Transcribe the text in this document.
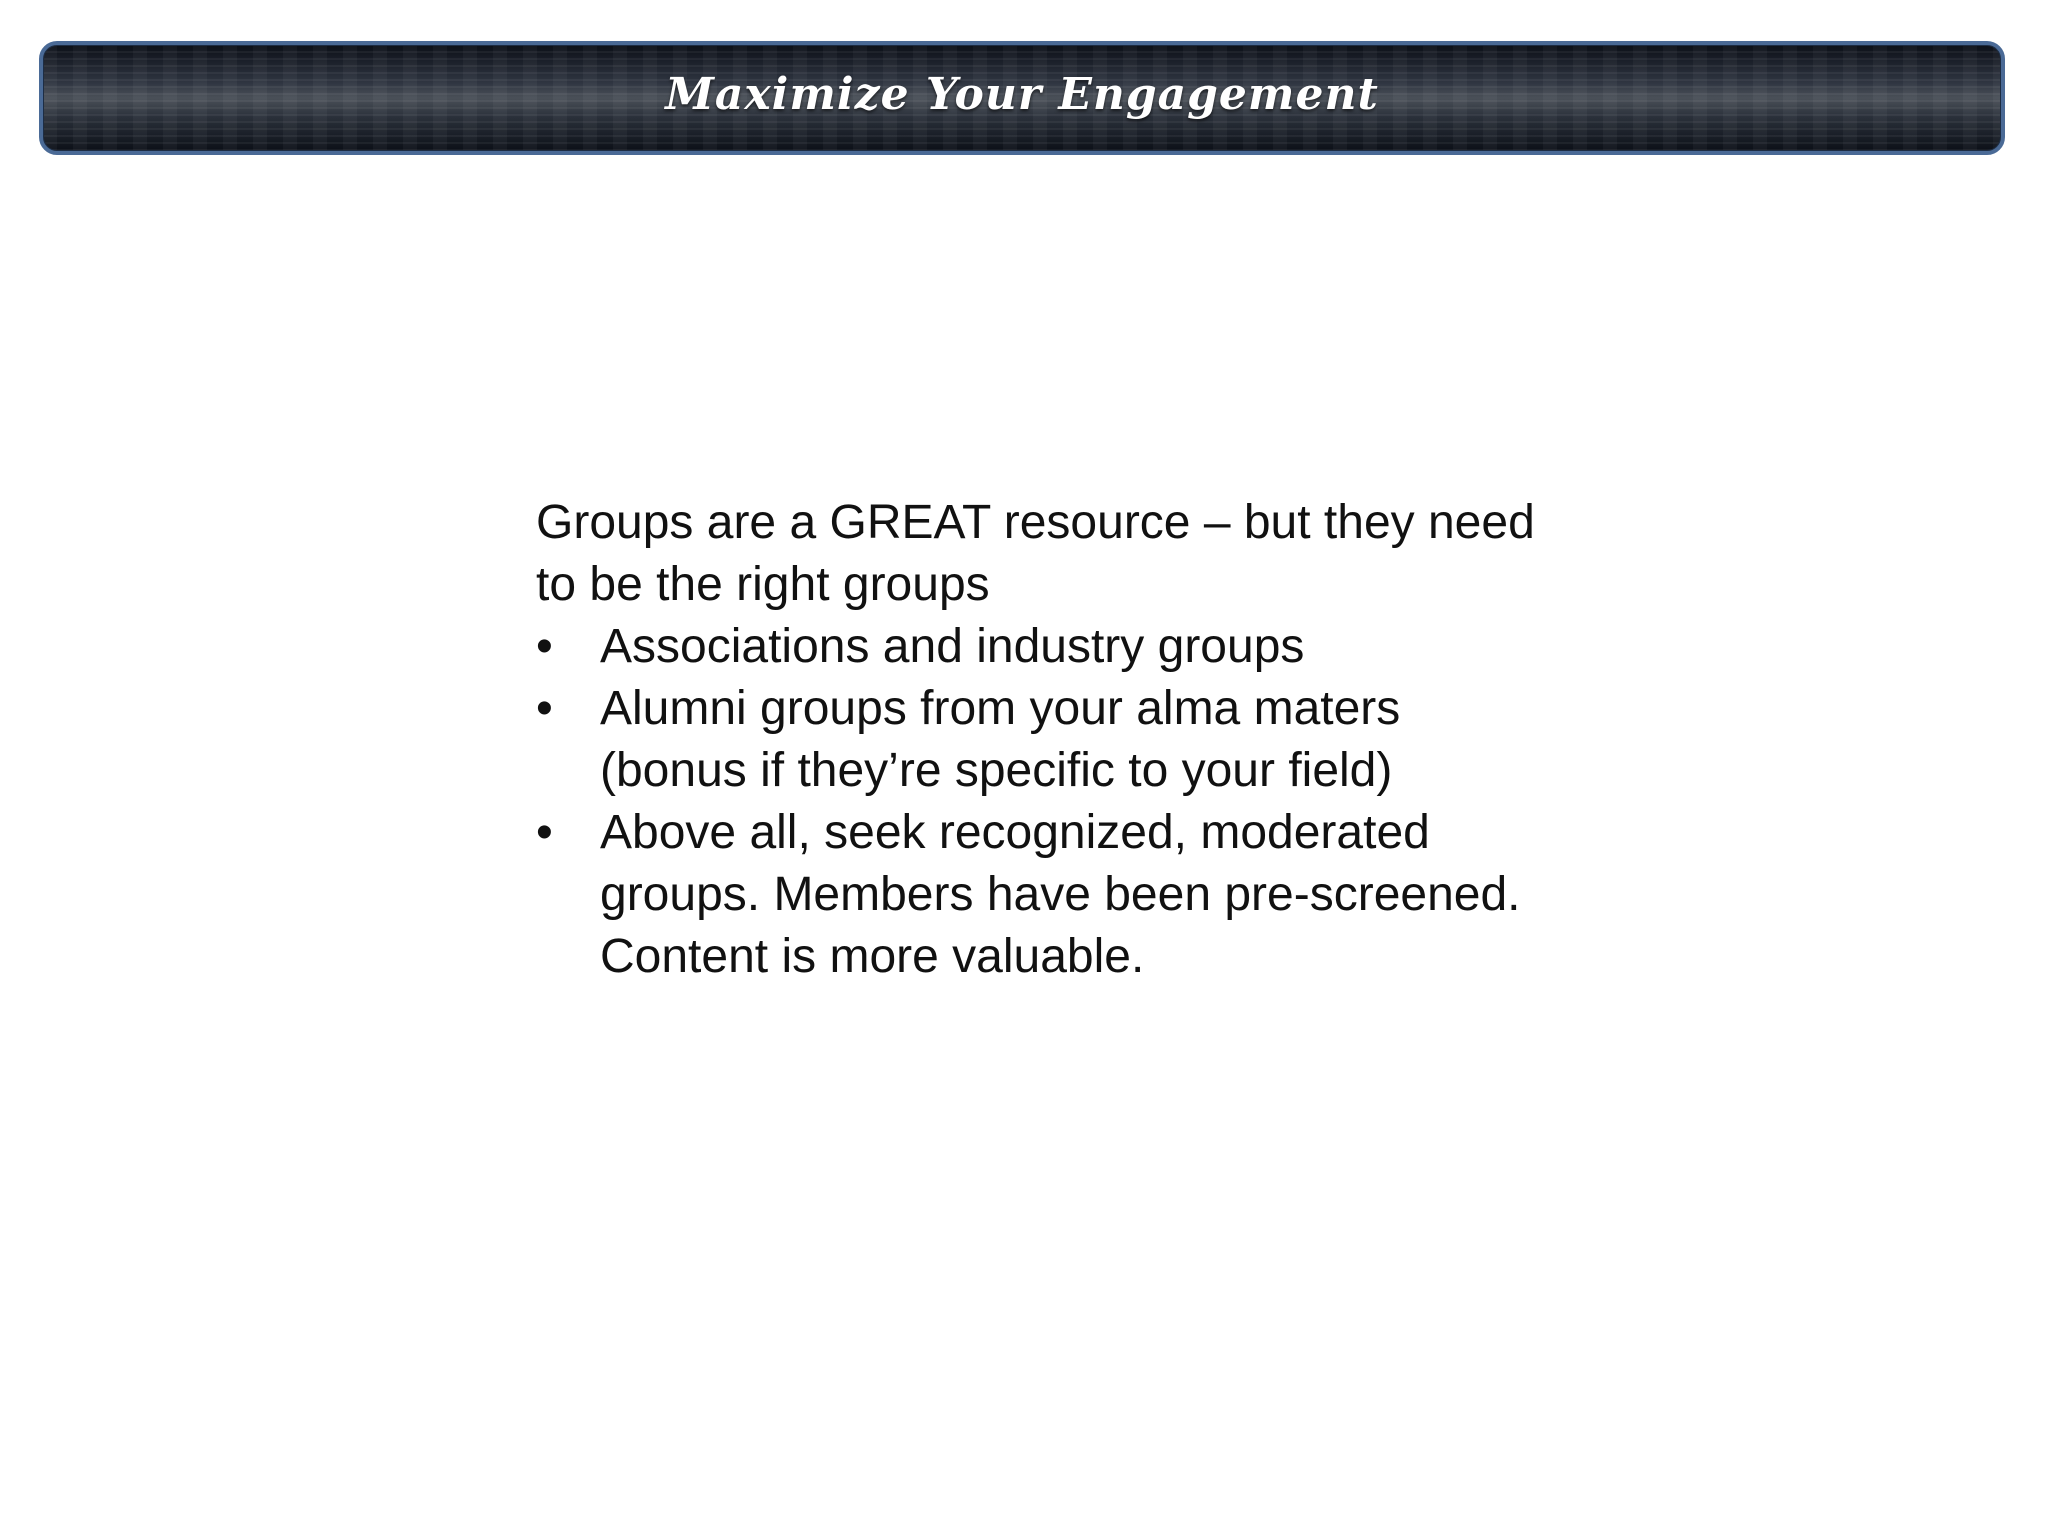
Maximize Your Engagement

Groups are a GREAT resource – but they need to be the right groups

• Associations and industry groups
• Alumni groups from your alma maters (bonus if they’re specific to your field)
• Above all, seek recognized, moderated groups. Members have been pre-screened. Content is more valuable.
